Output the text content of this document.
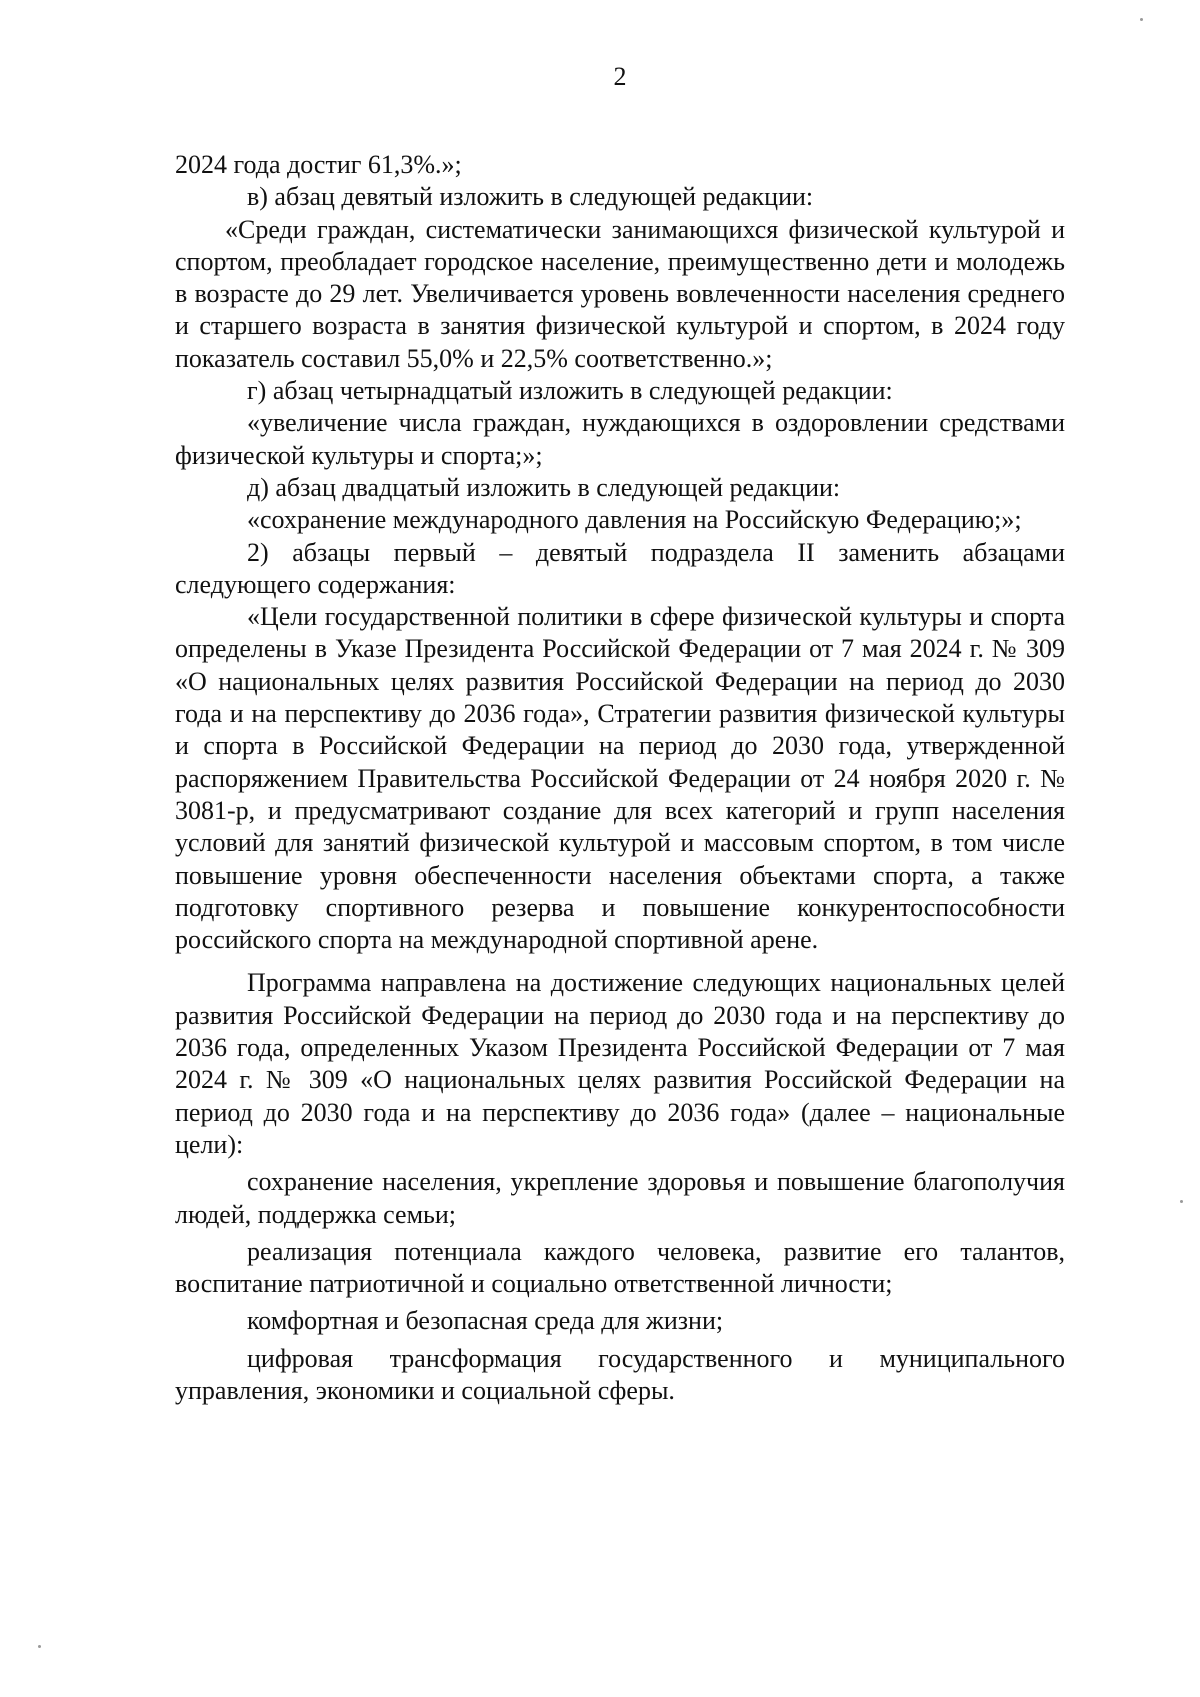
2

2024 года достиг 61,3%.»;

в) абзац девятый изложить в следующей редакции:

«Среди граждан, систематически занимающихся физической культурой и спортом, преобладает городское население, преимущественно дети и молодежь в возрасте до 29 лет. Увеличивается уровень вовлеченности населения среднего и старшего возраста в занятия физической культурой и спортом, в 2024 году показатель составил 55,0% и 22,5% соответственно.»;

г) абзац четырнадцатый изложить в следующей редакции:

«увеличение числа граждан, нуждающихся в оздоровлении средствами физической культуры и спорта;»;

д) абзац двадцатый изложить в следующей редакции:

«сохранение международного давления на Российскую Федерацию;»;

2) абзацы первый – девятый подраздела II заменить абзацами следующего содержания:

«Цели государственной политики в сфере физической культуры и спорта определены в Указе Президента Российской Федерации от 7 мая 2024 г. № 309 «О национальных целях развития Российской Федерации на период до 2030 года и на перспективу до 2036 года», Стратегии развития физической культуры и спорта в Российской Федерации на период до 2030 года, утвержденной распоряжением Правительства Российской Федерации от 24 ноября 2020 г. № 3081-р, и предусматривают создание для всех категорий и групп населения условий для занятий физической культурой и массовым спортом, в том числе повышение уровня обеспеченности населения объектами спорта, а также подготовку спортивного резерва и повышение конкурентоспособности российского спорта на международной спортивной арене.

Программа направлена на достижение следующих национальных целей развития Российской Федерации на период до 2030 года и на перспективу до 2036 года, определенных Указом Президента Российской Федерации от 7 мая 2024 г. № 309 «О национальных целях развития Российской Федерации на период до 2030 года и на перспективу до 2036 года» (далее – национальные цели):

сохранение населения, укрепление здоровья и повышение благополучия людей, поддержка семьи;

реализация потенциала каждого человека, развитие его талантов, воспитание патриотичной и социально ответственной личности;

комфортная и безопасная среда для жизни;

цифровая трансформация государственного и муниципального управления, экономики и социальной сферы.
